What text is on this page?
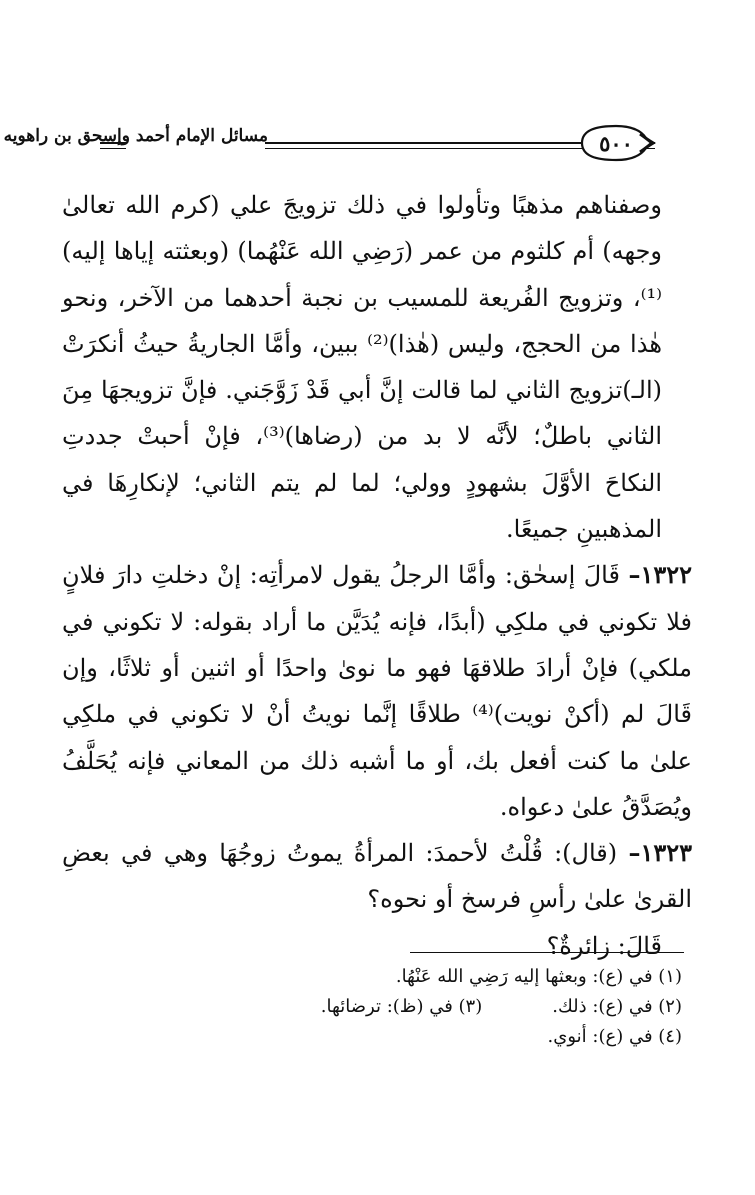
مسائل الإمام أحمد وإسحق بن راهويه	٥٠٠

وصفناهم مذهبًا وتأولوا في ذلك تزويجَ علي (كرم الله تعالىٰ وجهه) أم كلثوم من عمر (رَضِي الله عَنْهُما) (وبعثته إياها إليه)⁽¹⁾، وتزويج الفُريعة للمسيب بن نجبة أحدهما من الآخر، ونحو هٰذا من الحجج، وليس (هٰذا)⁽²⁾ ببين، وأمَّا الجاريةُ حيثُ أنكرَتْ (الـ)تزويج الثاني لما قالت إنَّ أبي قَدْ زَوَّجَني. فإنَّ تزويجهَا مِنَ الثاني باطلٌ؛ لأنَّه لا بد من (رضاها)⁽³⁾، فإنْ أحبتْ جددتِ النكاحَ الأوَّلَ بشهودٍ وولي؛ لما لم يتم الثاني؛ لإنكارِهَا في المذهبينِ جميعًا.

١٣٢٢– قَالَ إسحٰق: وأمَّا الرجلُ يقول لامرأتِه: إنْ دخلتِ دارَ فلانٍ فلا تكوني في ملكِي (أبدًا، فإنه يُدَيَّن ما أراد بقوله: لا تكوني في ملكي) فإنْ أرادَ طلاقهَا فهو ما نوىٰ واحدًا أو اثنين أو ثلاثًا، وإن قَالَ لم (أكنْ نويت)⁽⁴⁾ طلاقًا إنَّما نويتُ أنْ لا تكوني في ملكِي علىٰ ما كنت أفعل بك، أو ما أشبه ذلك من المعاني فإنه يُحَلَّفُ ويُصَدَّقُ علىٰ دعواه.

١٣٢٣– (قال): قُلْتُ لأحمدَ: المرأةُ يموتُ زوجُهَا وهي في بعضِ القرىٰ علىٰ رأسِ فرسخ أو نحوه؟

قَالَ: زائرةٌ؟

(١) في (ع): وبعثها إليه رَضِي الله عَنْهُا.
(٢) في (ع): ذلك.
(٣) في (ظ): ترضائها.
(٤) في (ع): أنوي.
